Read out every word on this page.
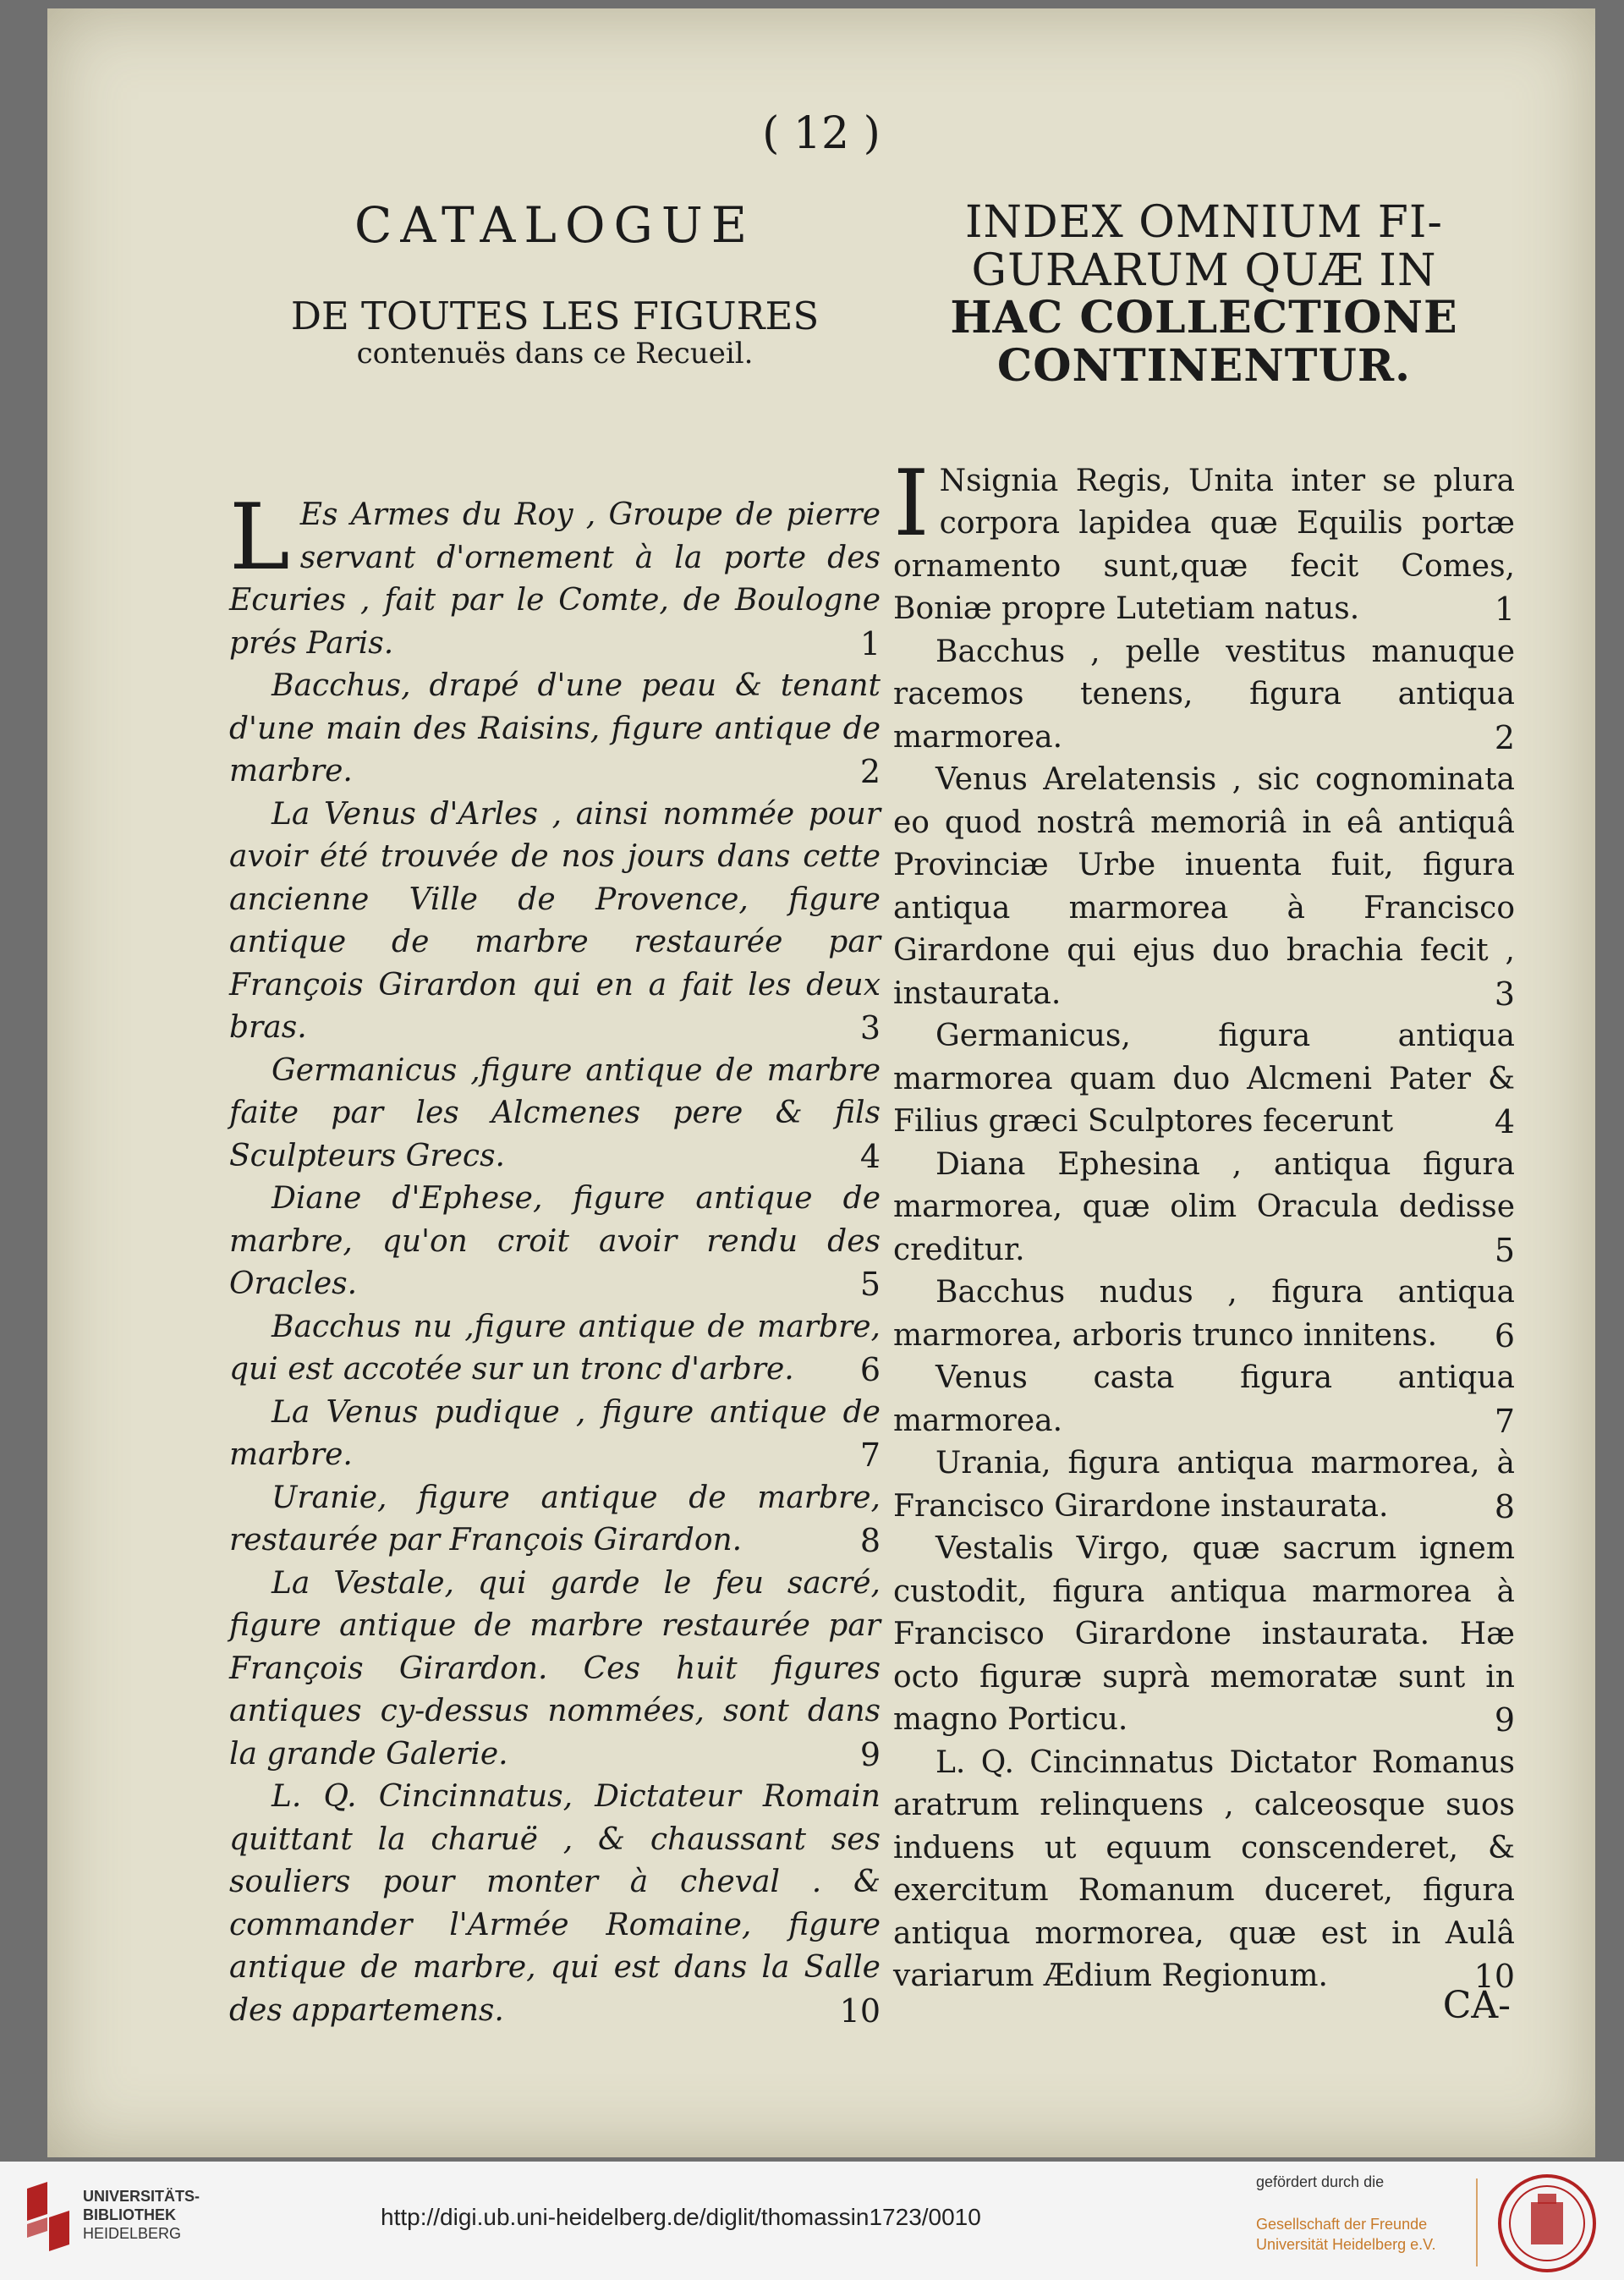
( 12 )
CATALOGUE

DE TOUTES LES FIGURES

contenuës dans ce Recueil.

L Es Armes du Roy , Groupe de pierre servant d'ornement à la porte des Ecuries , fait par le Comte, de Boulogne prés Paris.	1

Bacchus, drapé d'une peau & tenant d'une main des Raisins, figure antique de marbre.	2

La Venus d'Arles , ainsi nommée pour avoir été trouvée de nos jours dans cette ancienne Ville de Provence, figure antique de marbre restaurée par François Girardon qui en a fait les deux bras.	3

Germanicus ,figure antique de marbre faite par les Alcmenes pere & fils Sculpteurs Grecs.	4

Diane d'Ephese, figure antique de marbre, qu'on croit avoir rendu des Oracles.	5

Bacchus nu ,figure antique de marbre, qui est accotée sur un tronc d'arbre. 6

La Venus pudique , figure antique de marbre.	7

Uranie, figure antique de marbre, restaurée par François Girardon.	8

La Vestale, qui garde le feu sacré, figure antique de marbre restaurée par François Girardon. Ces huit figures antiques cy-dessus nommées, sont dans la grande Galerie.	9

L. Q. Cincinnatus, Dictateur Romain quittant la charuë , & chaussant ses souliers pour monter à cheval . & commander l'Armée Romaine, figure antique de marbre, qui est dans la Salle des appartemens.	10

INDEX OMNIUM FI-
GURARUM QUÆ IN
HAC COLLECTIONE
CONTINENTUR.

I Nsignia Regis, Unita inter se plura corpora lapidea quæ Equilis portæ ornamento sunt,quæ fecit Comes, Boniæ propre Lutetiam natus.	1

Bacchus , pelle vestitus manuque racemos tenens, figura antiqua marmorea.	2

Venus Arelatensis , sic cognominata eo quod nostrâ memoriâ in eâ antiquâ Provinciæ Urbe inuenta fuit, figura antiqua marmorea à Francisco Girardone qui ejus duo brachia fecit , instaurata.	3

Germanicus, figura antiqua marmorea quam duo Alcmeni Pater & Filius græci Sculptores fecerunt	4

Diana Ephesina , antiqua figura marmorea, quæ olim Oracula dedisse creditur.	5

Bacchus nudus , figura antiqua marmorea, arboris trunco innitens. 6

Venus casta figura antiqua marmorea.	7

Urania, figura antiqua marmorea, à Francisco Girardone instaurata.	8

Vestalis Virgo, quæ sacrum ignem custodit, figura antiqua marmorea à Francisco Girardone instaurata. Hæ octo figuræ suprà memoratæ sunt in magno Porticu.	9

L. Q. Cincinnatus Dictator Romanus aratrum relinquens , calceosque suos induens ut equum conscenderet, & exercitum Romanum duceret, figura antiqua mormorea, quæ est in Aulâ variarum Ædium Regionum.	10

CA-
UNIVERSITÄTS-
BIBLIOTHEK
HEIDELBERG
http://digi.ub.uni-heidelberg.de/diglit/thomassin1723/0010
gefördert durch die
Gesellschaft der Freunde
Universität Heidelberg e.V.
